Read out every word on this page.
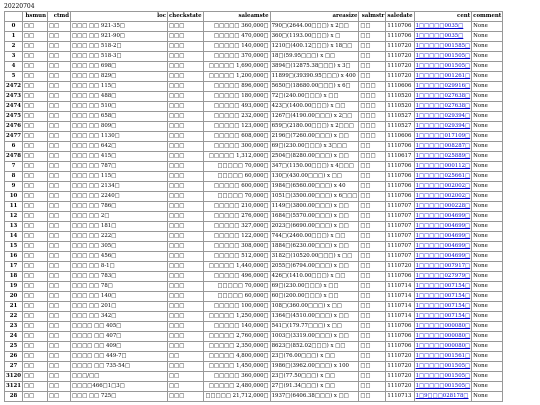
20220704
	hsmun	ctmd	loc	checkstate	saleamste	areasize	salmstr	saledate	cent	comment
0	□□	□□	□□□ □□ 921-35□	□□□	□□□□□ 360,000□	790□(2644.00□□□) x 2□□	□□	1110706	1□□□□□0035□	None
1	□□	□□	□□□ □□ 921-90□	□□□	□□□□□ 470,000□	360□(1193.00□□□) x □	□□	1110706	1□□□□□0035□	None
2	□□	□□	□□□ □□ 518-2□	□□□	□□□□□ 140,000□	1210□(400.12□□□) x 18□□	□□	1110720	1□□□□□001585□	None
3	□□	□□	□□□ □□ 518-3□	□□□	□□□□□ 370,000□	18□(59.95□□□) x □□	□□	1110720	1□□□□□001505□	None
4	□□	□□	□□□ □□ 698□	□□□	□□□□□ 1,690,000□	3894□(12875.38□□□) x 3□	□□	1110720	1□□□□□001505□	None
5	□□	□□	□□□ □□ 829□	□□□	□□□□□ 1,200,000□	11899□(39390.95□□□) x 400	□□	1110720	1□□□□□001261□	None
2472	□□	□□	□□□ □□ 115□	□□□	□□□□□ 896,000□	5650□(18680.00□□□) x 6□	□□□	1110606	1□□□□□029916□	None
2473	□□	□□	□□□ □□ 488□	□□□	□□□□□ 180,000□	72□(240.00□□□) x □□	□□□	1110520	1□□□□□027638□	None
2474	□□	□□	□□□ □□ 510□	□□□	□□□□□ 493,000□	423□(1400.00□□□) x □□	□□□	1110520	1□□□□□027638□	None
2475	□□	□□	□□□ □□ 658□	□□□	□□□□□ 232,000□	1267□(4190.00□□□) x 2□□	□□□	1110527	1□□□□□029394□	None
2476	□□	□□	□□□ □□ 809□	□□□	□□□□□ 123,000□	659□(2180.00□□□) x 2□□□	□□□	1110527	1□□□□□029394□	None
2477	□□	□□	□□□ □□ 1130□	□□□	□□□□□ 608,000□	2196□(7260.00□□□) x □□	□□□	1110606	1□□□□□017109□	None
6	□□	□□	□□□ □□ 642□	□□□	□□□□□ 300,000□	69□(230.00□□□) x 3□□□	□□	1110706	1□□□□□008287□	None
2478	□□	□□	□□□ □□ 415□	□□□	□□□□□ 1,312,000□	2504□(8280.00□□□) x □□	□□□	1110617	1□□□□□025889□	None
7	□□	□□	□□□ □□ 787□	□□□	□□□□□ 70,000□	347□(1150.00□□□) x 4□□□	□□	1110706	1□□□□□000112□	None
8	□□	□□	□□□ □□ 115□	□□□	□□□□□ 60,000□	130□(430.00□□□) x □□	□□	1110706	1□□□□□025661□	None
9	□□	□□	□□□ □□ 2134□	□□□	□□□□□ 600,000□	1984□(6560.00□□□) x 40	□□	1110706	1□□□□□002002□	None
10	□□	□□	□□□ □□ 2240□	□□□	□□□□□ 70,000□	1051□(3500.00□□□) x 6□□□	□□	1110706	1□□□□□002002□	None
11	□□	□□	□□□ □□ 786□	□□□	□□□□□ 210,000□	1149□(3800.00□□□) x □□	□□	1110707	1□□□□□000228□	None
12	□□	□□	□□□ □□ 2□	□□□	□□□□□ 276,000□	1684□(5570.00□□□) x □□	□□	1110707	1□□□□□004699□	None
13	□□	□□	□□□ □□ 181□	□□□	□□□□□ 327,000□	2023□(6690.00□□□) x □□	□□	1110707	1□□□□□004699□	None
14	□□	□□	□□□ □□ 222□	□□□	□□□□□ 122,000□	744□(2460.00□□□) x □□	□□	1110707	1□□□□□004699□	None
15	□□	□□	□□□ □□ 305□	□□□	□□□□□ 308,000□	1884□(6230.00□□□) x □□	□□	1110707	1□□□□□004699□	None
16	□□	□□	□□□ □□ 456□	□□□	□□□□□ 512,000□	3182□(10520.00□□□) x □□	□□	1110707	1□□□□□004699□	None
17	□□	□□	□□□ □□ 8-1□	□□□	□□□□□ 1,440,000□	2055□(6794.00□□□) x □□	□□	1110720	1□□□□□007917□	None
18	□□	□□	□□□ □□ 783□	□□□	□□□□□ 496,000□	426□(1410.00□□□) x □□	□□	1110706	1□□□□□027979□	None
19	□□	□□	□□□ □□ 78□	□□□	□□□□□ 70,000□	69□(230.00□□□) x □□	□□	1110714	1□□□□□007154□	None
20	□□	□□	□□□ □□ 140□	□□□	□□□□□ 60,000□	60□(200.00□□□) x □□	□□	1110714	1□□□□□007154□	None
21	□□	□□	□□□ □□ 201□	□□□	□□□□□ 100,000□	108□(360.00□□□) x □□	□□	1110714	1□□□□□007154□	None
22	□□	□□	□□□ □□ 342□	□□□	□□□□□ 1,250,000□	1364□(4510.00□□□) x □□	□□	1110714	1□□□□□007154□	None
23	□□	□□	□□□□ □□ 405□	□□□	□□□□□ 140,000□	541□(179.77□□□) x □□	□□	1110706	1□□□□□000080□	None
24	□□	□□	□□□□ □□ 407□	□□□	□□□□□ 2,760,000□	1003□(3319.00□□□) x □□	□□	1110706	1□□□□□000080□	None
25	□□	□□	□□□□ □□ 409□	□□□	□□□□□ 2,350,000□	8623□(852.02□□□) x □□	□□	1110706	1□□□□□000080□	None
26	□□	□□	□□□□ □□ 449-7□	□□	□□□□□ 4,800,000□	23□(76.00□□□) x □□	□□	1110720	1□□□□□001561□	None
27	□□	□□	□□□□ □□ 735-54□	□□□	□□□□□ 1,450,000□	1986□(3962.00□□□) x 100	□□	1110720	1□□□□□001505□	None
3120	□□	□□	□□□/□□	□□	□□□□□ 360,000□	23□(77.50□□□) x □□	□□	1110720	1□□□□□001505□	None
3121	□□	□□	□□□□466□1□3□	□□	□□□□□ 2,480,000□	27□(91.34□□□) x □□	□□	1110720	1□□□□□001505□	None
28	□□	□□	□□□ □□ 725□	□□□	□□□□□ 21,712,000□	1937□(6406.38□□□) x □□	□□	1110713	1□9□□□028178□	None
